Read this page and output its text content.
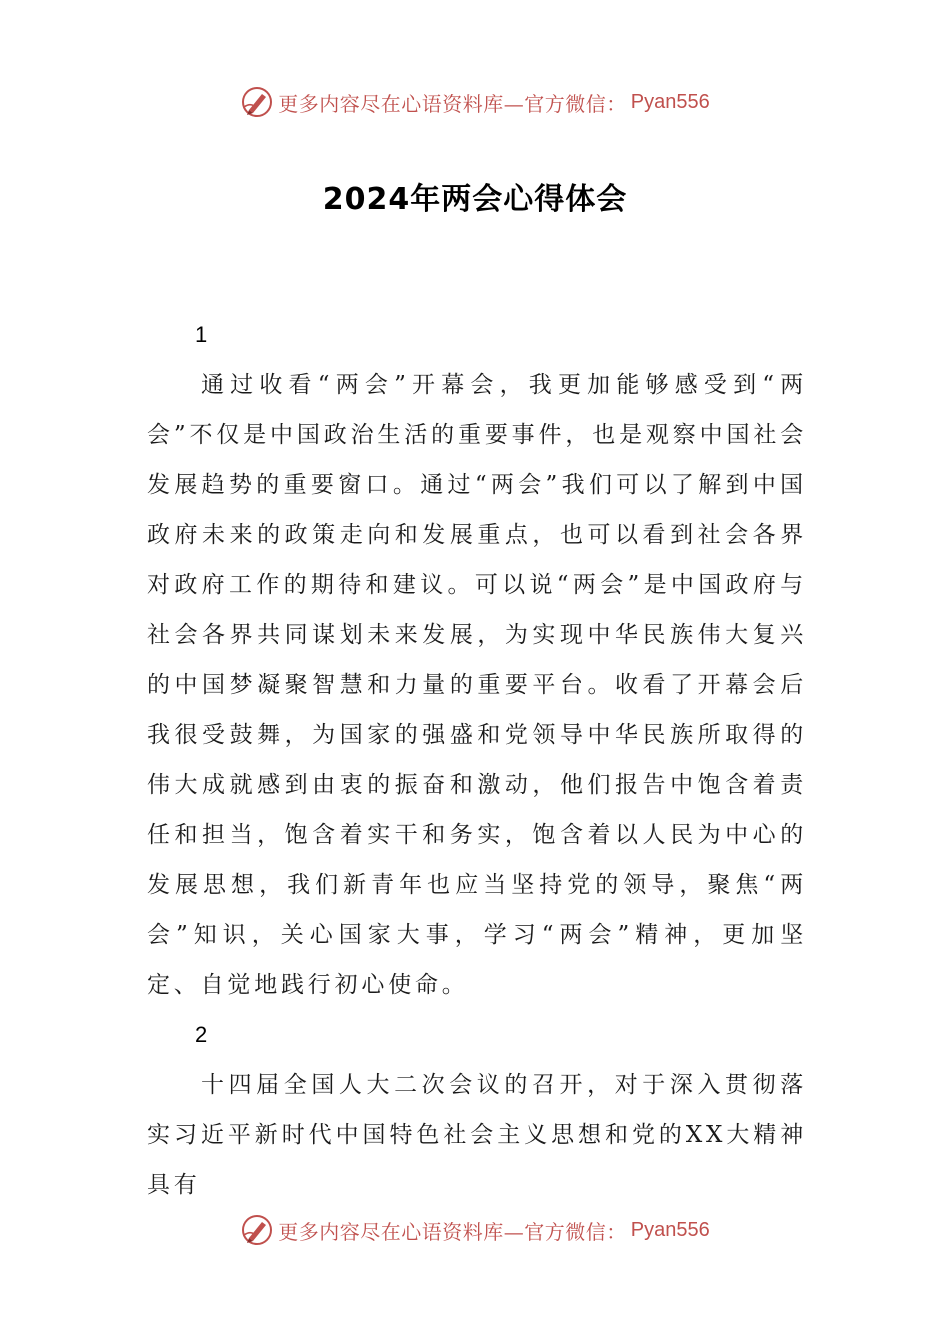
更多内容尽在心语资料库—官方微信： Pyan556
2024年两会心得体会
1

通过收看“两会”开幕会，我更加能够感受到“两会”不仅是中国政治生活的重要事件，也是观察中国社会发展趋势的重要窗口。通过“两会”我们可以了解到中国政府未来的政策走向和发展重点，也可以看到社会各界对政府工作的期待和建议。可以说“两会”是中国政府与社会各界共同谋划未来发展，为实现中华民族伟大复兴的中国梦凝聚智慧和力量的重要平台。收看了开幕会后我很受鼓舞，为国家的强盛和党领导中华民族所取得的伟大成就感到由衷的振奋和激动，他们报告中饱含着责任和担当，饱含着实干和务实，饱含着以人民为中心的发展思想，我们新青年也应当坚持党的领导，聚焦“两会”知识，关心国家大事，学习“两会”精神，更加坚定、自觉地践行初心使命。

2

十四届全国人大二次会议的召开，对于深入贯彻落实习近平新时代中国特色社会主义思想和党的XX大精神具有

更多内容尽在心语资料库—官方微信： Pyan556
